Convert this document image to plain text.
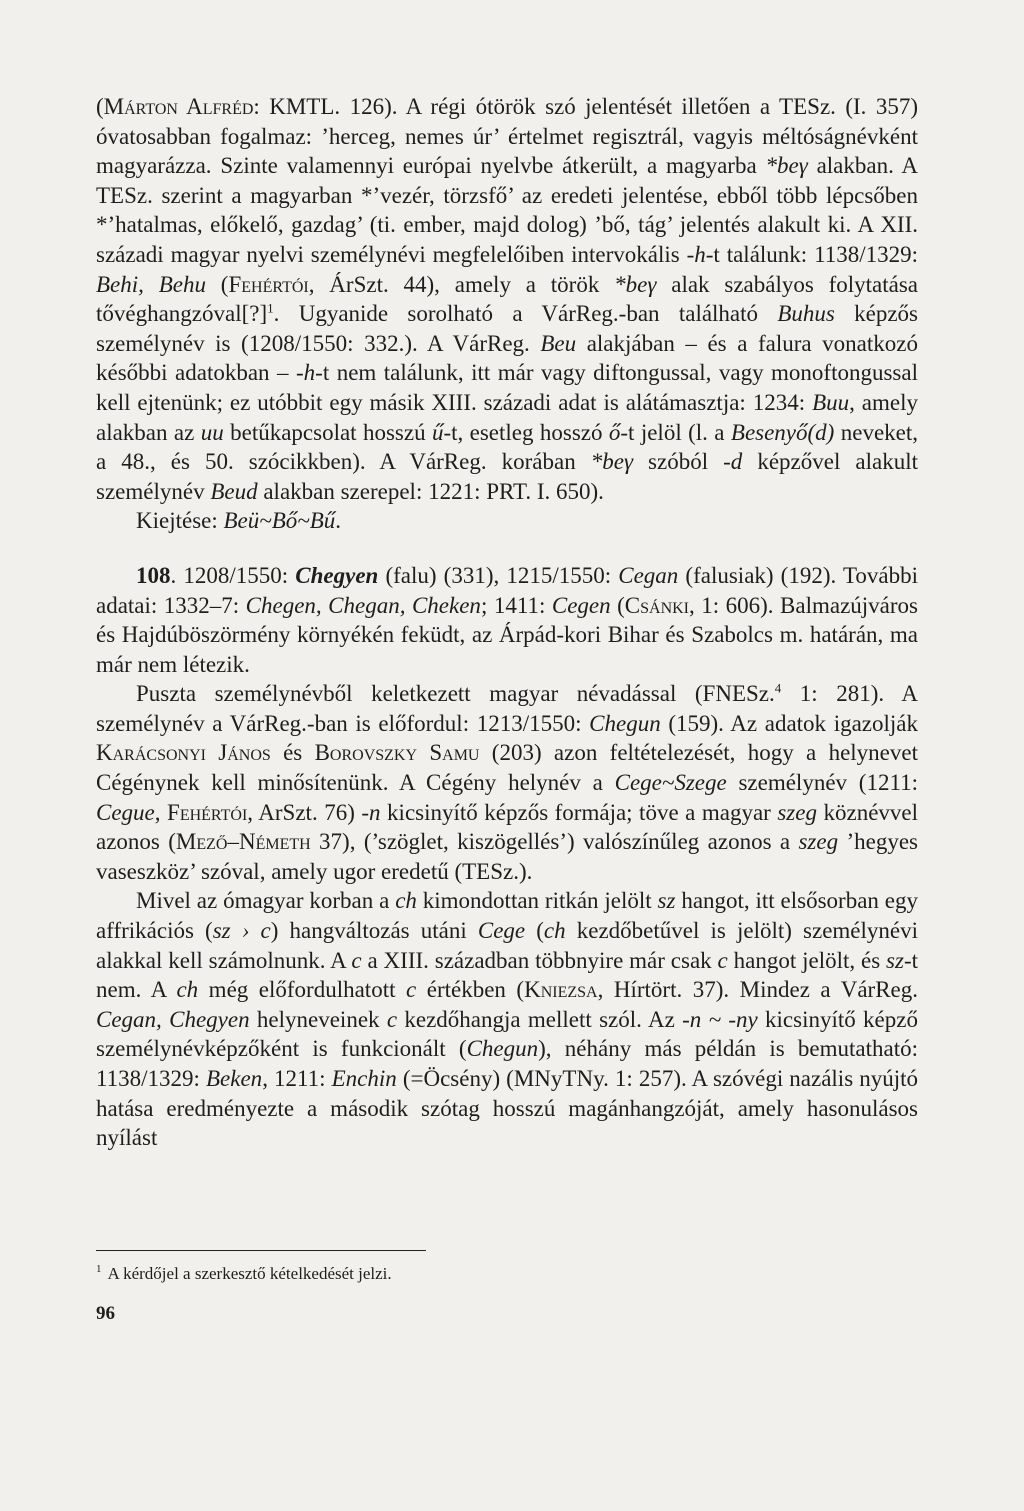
(Márton Alfréd: KMTL. 126). A régi ótörök szó jelentését illetően a TESz. (I. 357) óvatosabban fogalmaz: ’herceg, nemes úr’ értelmet regisztrál, vagyis méltóságnévként magyarázza. Szinte valamennyi európai nyelvbe átkerült, a magyarba *beγ alakban. A TESz. szerint a magyarban *’vezér, törzsfő’ az eredeti jelentése, ebből több lépcsőben *’hatalmas, előkelő, gazdag’ (ti. ember, majd dolog) ’bő, tág’ jelentés alakult ki. A XII. századi magyar nyelvi személynévi megfelelőiben intervokális -h-t találunk: 1138/1329: Behi, Behu (Fehértói, ÁrSzt. 44), amely a török *beγ alak szabályos folytatása tővéghangzóval[?]$^1$. Ugyanide sorolható a VárReg.-ban található Buhus képzős személynév is (1208/1550: 332.). A VárReg. Beu alakjában – és a falura vonatkozó későbbi adatokban – -h-t nem találunk, itt már vagy diftongussal, vagy monoftongussal kell ejtenünk; ez utóbbit egy másik XIII. századi adat is alátámasztja: 1234: Buu, amely alakban az uu betűkapcsolat hosszú ű-t, esetleg hosszó ő-t jelöl (l. a Besenyő(d) neveket, a 48., és 50. szócikkben). A VárReg. korában *beγ szóból -d képzővel alakult személynév Beud alakban szerepel: 1221: PRT. I. 650).

Kiejtése: Beü~Bő~Bű.

108. 1208/1550: Chegyen (falu) (331), 1215/1550: Cegan (falusiak) (192). További adatai: 1332–7: Chegen, Chegan, Cheken; 1411: Cegen (Csánki, 1: 606). Balmazújváros és Hajdúböszörmény környékén feküdt, az Árpád-kori Bihar és Szabolcs m. határán, ma már nem létezik.

Puszta személynévből keletkezett magyar névadással (FNESz.$^4$ 1: 281). A személynév a VárReg.-ban is előfordul: 1213/1550: Chegun (159). Az adatok igazolják Karácsonyi János és Borovszky Samu (203) azon feltételezését, hogy a helynevet Cégénynek kell minősítenünk. A Cégény helynév a Cege~Szege személynév (1211: Cegue, Fehértói, ArSzt. 76) -n kicsinyítő képzős formája; töve a magyar szeg köznévvel azonos (Mező–Németh 37), (’szöglet, kiszögellés’) valószínűleg azonos a szeg ’hegyes vaseszköz’ szóval, amely ugor eredetű (TESz.).

Mivel az ómagyar korban a ch kimondottan ritkán jelölt sz hangot, itt elsősorban egy affrikációs (sz › c) hangváltozás utáni Cege (ch kezdőbetűvel is jelölt) személynévi alakkal kell számolnunk. A c a XIII. században többnyire már csak c hangot jelölt, és sz-t nem. A ch még előfordulhatott c értékben (Kniezsa, Hírtört. 37). Mindez a VárReg. Cegan, Chegyen helyneveinek c kezdőhangja mellett szól. Az -n ~ -ny kicsinyítő képző személynévképzőként is funkcionált (Chegun), néhány más példán is bemutatható: 1138/1329: Beken, 1211: Enchin (=Öcsény) (MNyTNy. 1: 257). A szóvégi nazális nyújtó hatása eredményezte a második szótag hosszú magánhangzóját, amely hasonulásos nyílást

$^1$ A kérdőjel a szerkesztő kételkedését jelzi.
96
